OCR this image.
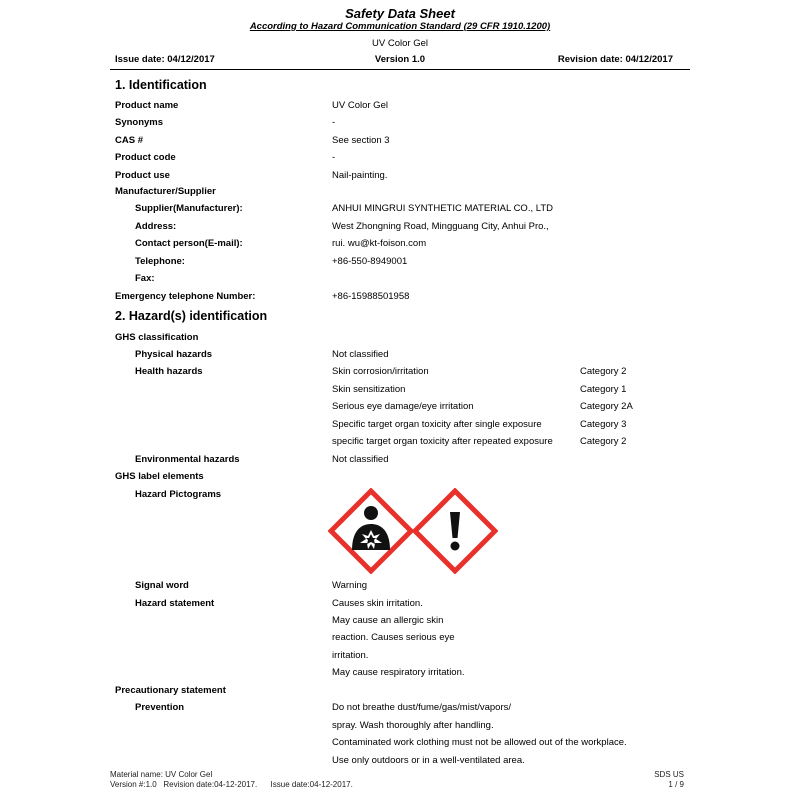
Safety Data Sheet
According to Hazard Communication Standard (29 CFR 1910.1200)
UV Color Gel
Issue date: 04/12/2017	Version 1.0	Revision date: 04/12/2017
1. Identification
Product name	UV Color Gel
Synonyms	-
CAS #	See section 3
Product code	-
Product use	Nail-painting.
Manufacturer/Supplier
Supplier(Manufacturer):	ANHUI MINGRUI SYNTHETIC MATERIAL CO., LTD
Address:	West Zhongning Road, Mingguang City, Anhui Pro.,
Contact person(E-mail):	rui. wu@kt-foison.com
Telephone:	+86-550-8949001
Fax:
Emergency telephone Number:	+86-15988501958
2. Hazard(s) identification
GHS classification
Physical hazards	Not classified
Health hazards	Skin corrosion/irritation	Category 2
Skin sensitization	Category 1
Serious eye damage/eye irritation	Category 2A
Specific target organ toxicity after single exposure	Category 3
specific target organ toxicity after repeated exposure	Category 2
Environmental hazards	Not classified
GHS label elements
Hazard Pictograms
Signal word	Warning
Hazard statement	Causes skin irritation.
May cause an allergic skin
reaction. Causes serious eye
irritation.
May cause respiratory irritation.
Precautionary statement
Prevention	Do not breathe dust/fume/gas/mist/vapors/
spray. Wash thoroughly after handling.
Contaminated work clothing must not be allowed out of the workplace.
Use only outdoors or in a well-ventilated area.
Material name: UV Color Gel
Version #:1.0   Revision date:04-12-2017.      Issue date:04-12-2017.
SDS US
1 / 9
